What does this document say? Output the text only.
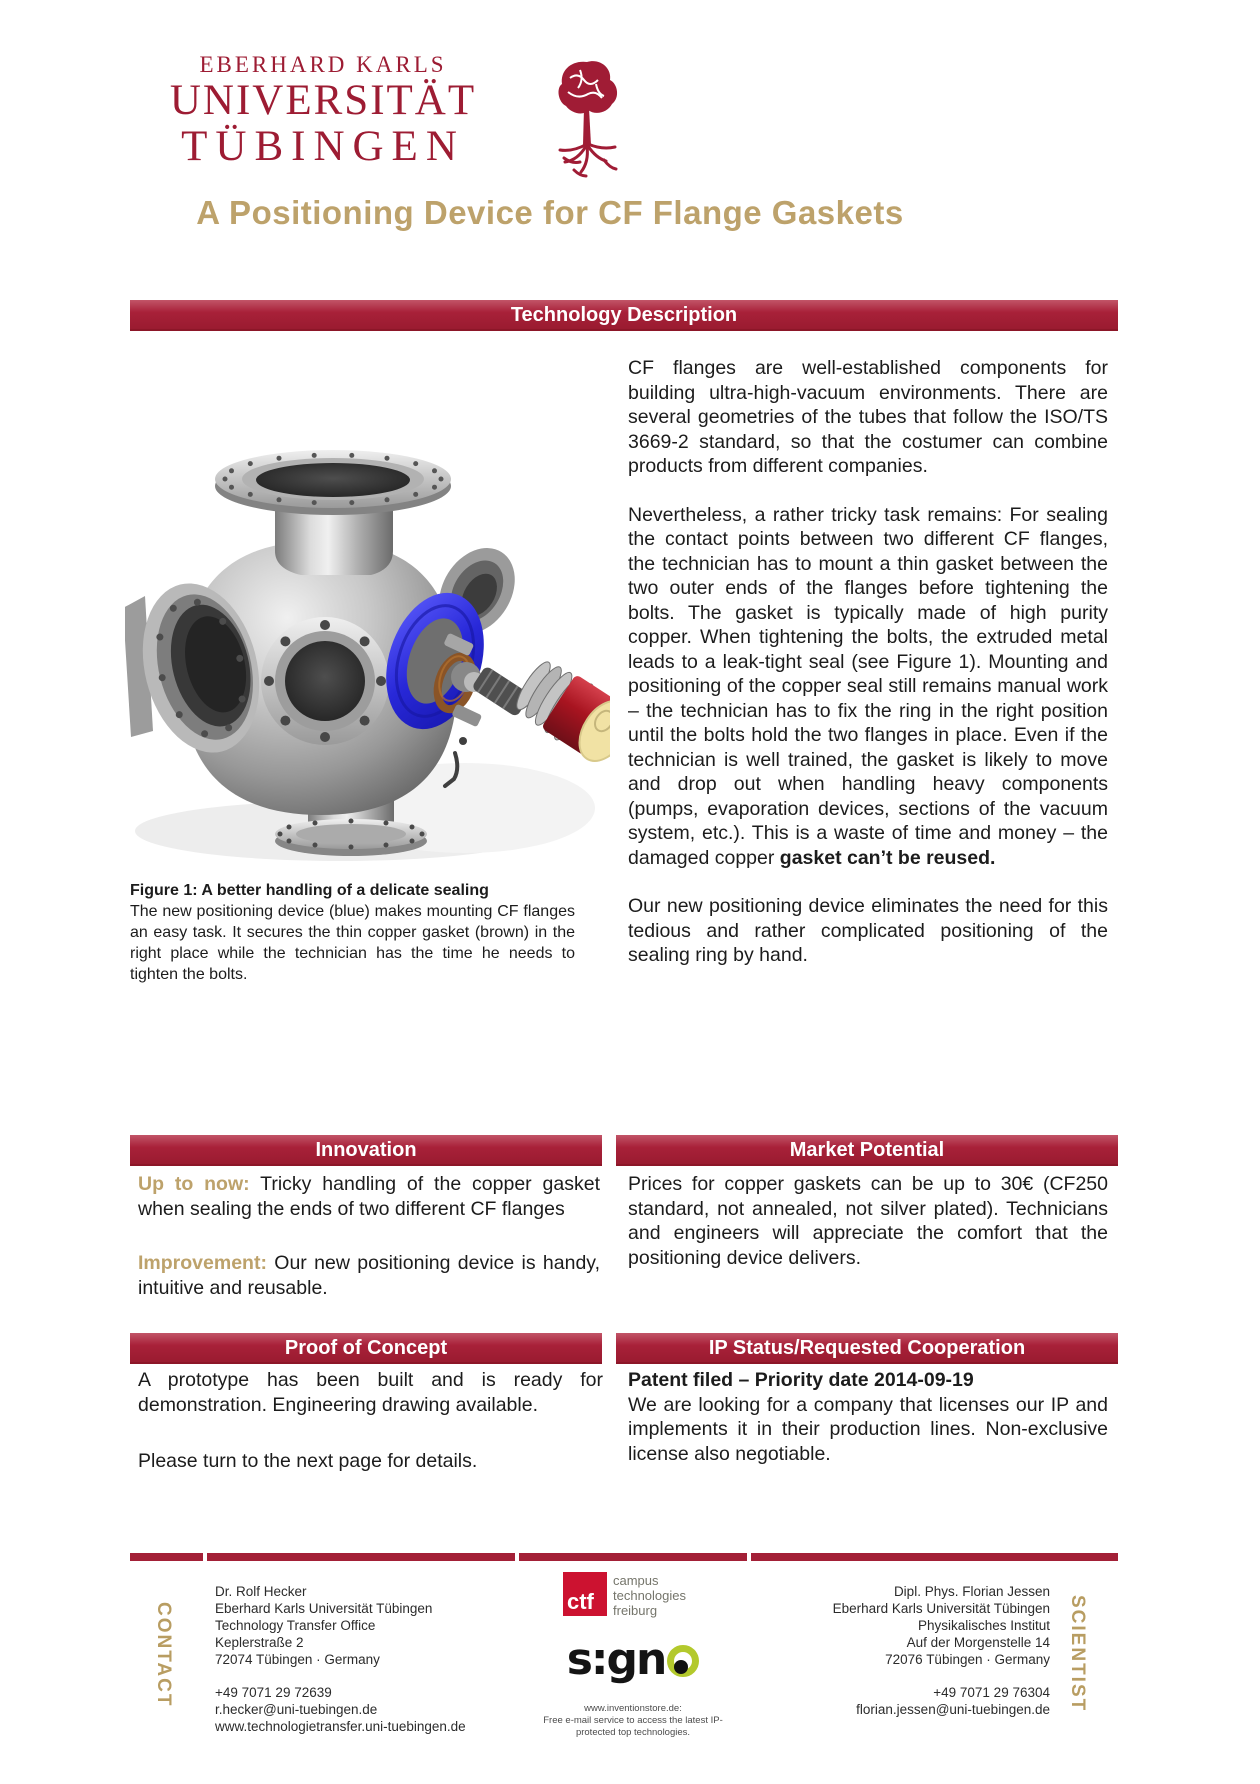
EBERHARD KARLS
UNIVERSITÄT
TÜBINGEN
A Positioning Device for CF Flange Gaskets
Technology Description
Innovation	Market Potential
Proof of Concept	IP Status/Requested Cooperation

CF flanges are well-established components for building ultra-high-vacuum environments. There are several geometries of the tubes that follow the ISO/TS 3669-2 standard, so that the costumer can combine products from different companies.

Nevertheless, a rather tricky task remains: For sealing the contact points between two different CF flanges, the technician has to mount a thin gasket between the two outer ends of the flanges before tightening the bolts. The gasket is typically made of high purity copper. When tightening the bolts, the extruded metal leads to a leak-tight seal (see Figure 1). Mounting and positioning of the copper seal still remains manual work – the technician has to fix the ring in the right position until the bolts hold the two flanges in place. Even if the technician is well trained, the gasket is likely to move and drop out when handling heavy components (pumps, evaporation devices, sections of the vacuum system, etc.). This is a waste of time and money – the damaged copper gasket can’t be reused.

Our new positioning device eliminates the need for this tedious and rather complicated positioning of the sealing ring by hand.

Figure 1: A better handling of a delicate sealing
The new positioning device (blue) makes mounting CF flanges an easy task. It secures the thin copper gasket (brown) in the right place while the technician has the time he needs to tighten the bolts.

Up to now: Tricky handling of the copper gasket when sealing the ends of two different CF flanges

Improvement: Our new positioning device is handy, intuitive and reusable.

Prices for copper gaskets can be up to 30€ (CF250 standard, not annealed, not silver plated). Technicians and engineers will appreciate the comfort that the positioning device delivers.

A prototype has been built and is ready for demonstration. Engineering drawing available.

Please turn to the next page for details.

Patent filed – Priority date 2014-09-19

We are looking for a company that licenses our IP and implements it in their production lines. Non-exclusive license also negotiable.

CONTACT
Dr. Rolf Hecker
Eberhard Karls Universität Tübingen
Technology Transfer Office
Keplerstraße 2
72074 Tübingen · Germany
+49 7071 29 72639
r.hecker@uni-tuebingen.de
www.technologietransfer.uni-tuebingen.de
ctf
campus
technologies
freiburg
s:gn
www.inventionstore.de:
Free e-mail service to access the latest IP-
protected top technologies.
Dipl. Phys. Florian Jessen
Eberhard Karls Universität Tübingen
Physikalisches Institut
Auf der Morgenstelle 14
72076 Tübingen · Germany
+49 7071 29 76304
florian.jessen@uni-tuebingen.de SCIENTIST
